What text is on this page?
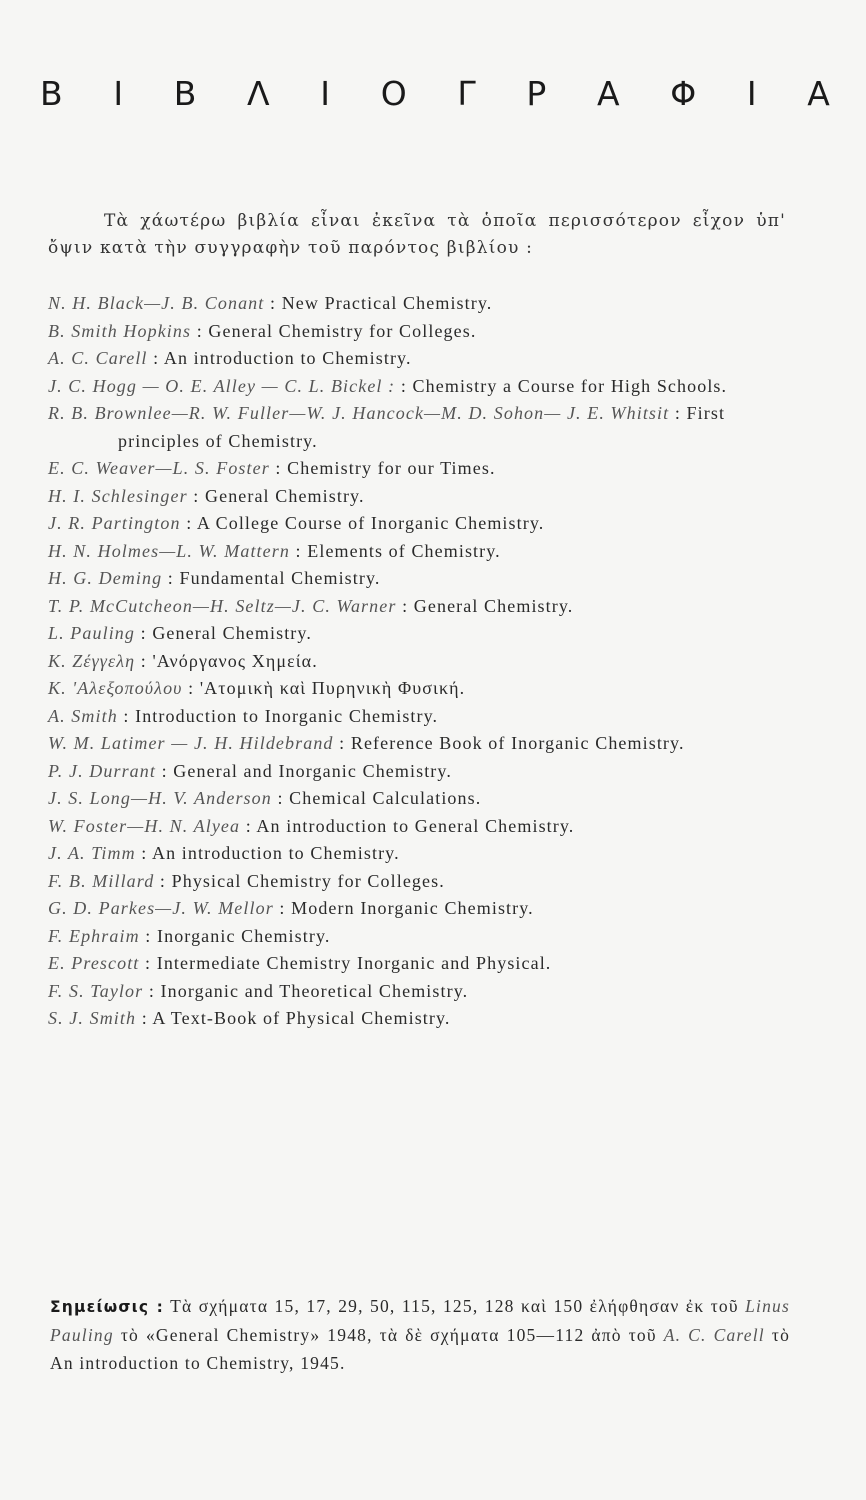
Β Ι Β Λ Ι Ο Γ Ρ Α Φ Ι Α
Τὰ χάωτέρω βιβλία εἶναι ἐκεῖνα τὰ ὁποῖα περισσότερον εἶχον ὑπ' ὄψιν κατὰ τὴν συγγραφὴν τοῦ παρόντος βιβλίου :
N. H. Black—J. B. Conant : New Practical Chemistry.
B. Smith Hopkins : General Chemistry for Colleges.
A. C. Carell : An introduction to Chemistry.
J. C. Hogg — O. E. Alley — C. L. Bickel : : Chemistry a Course for High Schools.
R. B. Brownlee—R. W. Fuller—W. J. Hancock—M. D. Sohon— J. E. Whitsit : First principles of Chemistry.
E. C. Weaver—L. S. Foster : Chemistry for our Times.
H. I. Schlesinger : General Chemistry.
J. R. Partington : A College Course of Inorganic Chemistry.
H. N. Holmes—L. W. Mattern : Elements of Chemistry.
H. G. Deming : Fundamental Chemistry.
T. P. McCutcheon—H. Seltz—J. C. Warner : General Chemistry.
L. Pauling : General Chemistry.
K. Ζέγγελη : 'Ανόργανος Χημεία.
K. 'Αλεξοπούλου : 'Ατομικὴ καὶ Πυρηνικὴ Φυσική.
A. Smith : Introduction to Inorganic Chemistry.
W. M. Latimer — J. H. Hildebrand : Reference Book of Inorganic Chemistry.
P. J. Durrant : General and Inorganic Chemistry.
J. S. Long—H. V. Anderson : Chemical Calculations.
W. Foster—H. N. Alyea : An introduction to General Chemistry.
J. A. Timm : An introduction to Chemistry.
F. B. Millard : Physical Chemistry for Colleges.
G. D. Parkes—J. W. Mellor : Modern Inorganic Chemistry.
F. Ephraim : Inorganic Chemistry.
E. Prescott : Intermediate Chemistry Inorganic and Physical.
F. S. Taylor : Inorganic and Theoretical Chemistry.
S. J. Smith : A Text-Book of Physical Chemistry.
Σημείωσις : Τὰ σχήματα 15, 17, 29, 50, 115, 125, 128 καὶ 150 ἐλήφθησαν ἐκ τοῦ Linus Pauling τὸ «General Chemistry» 1948, τὰ δὲ σχήματα 105—112 ἀπὸ τοῦ A. C. Carell τὸ An introduction to Chemistry, 1945.
